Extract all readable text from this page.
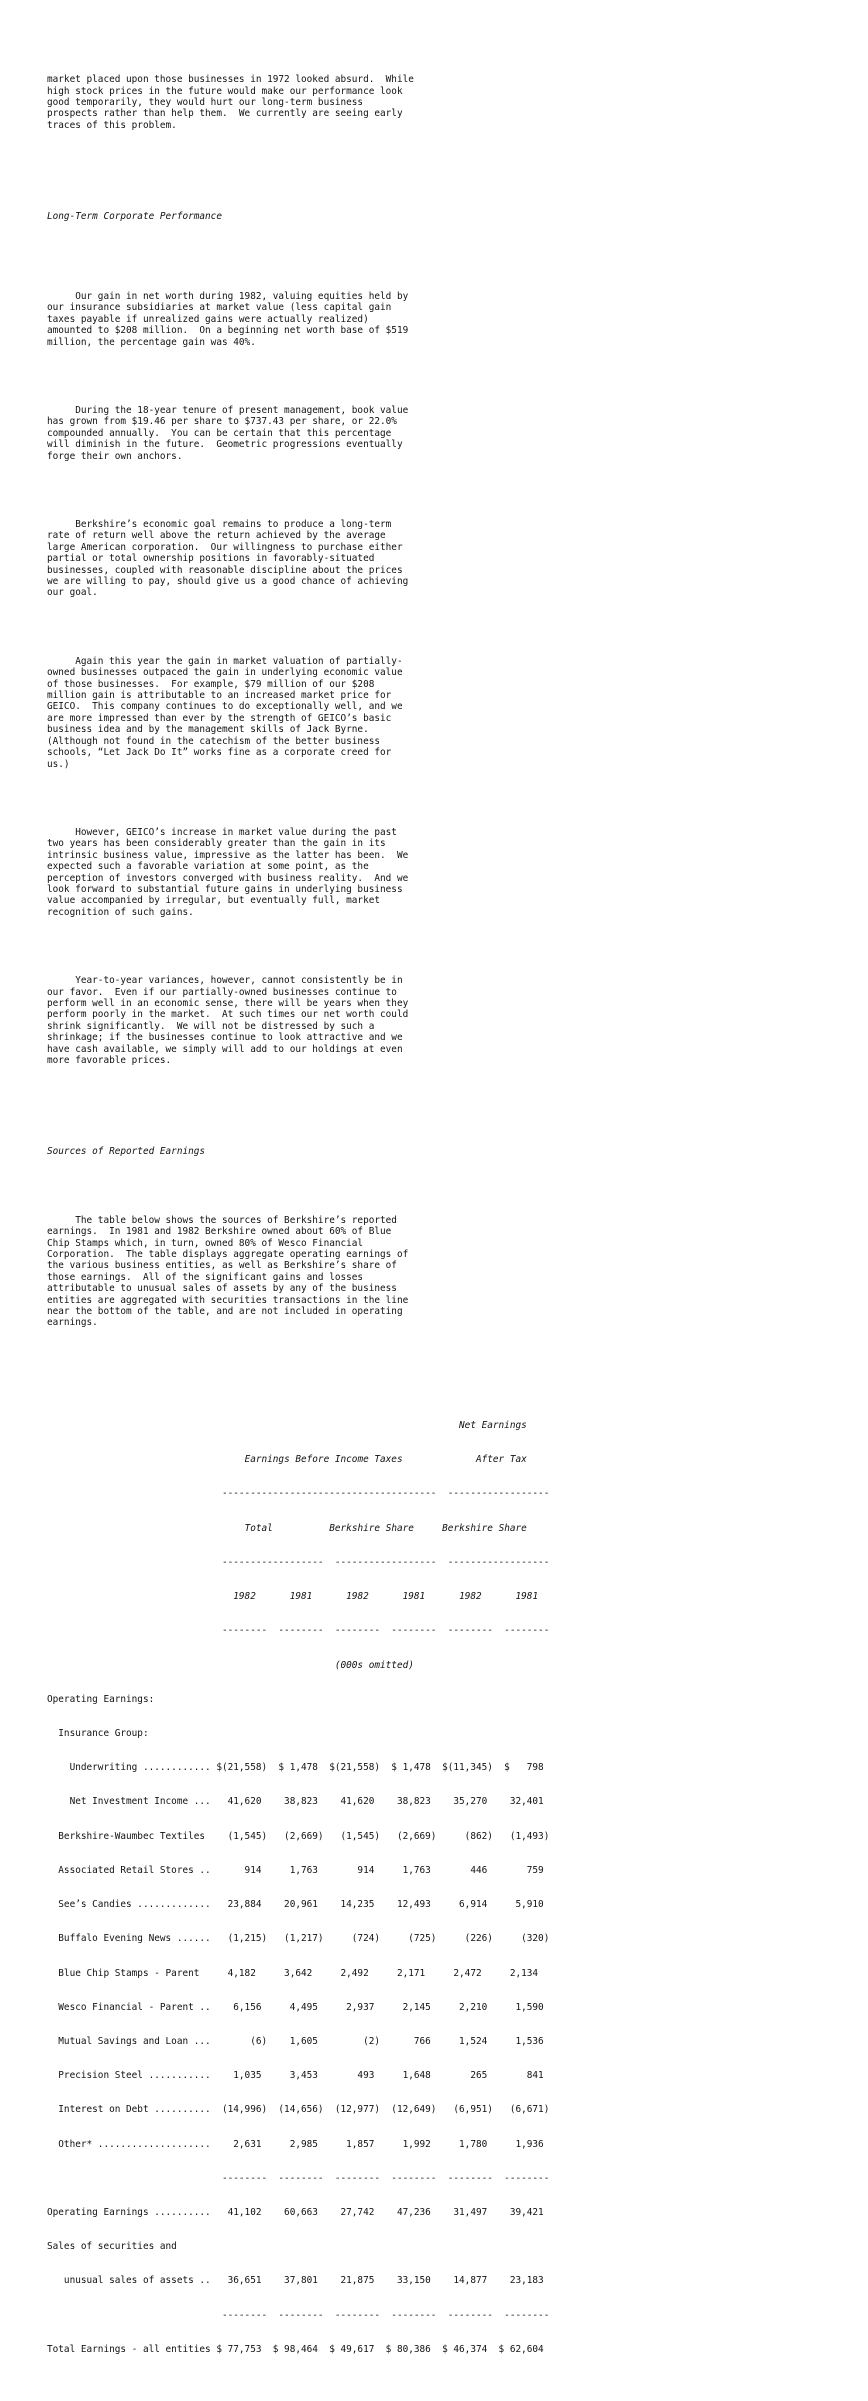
market placed upon those businesses in 1972 looked absurd.  While
high stock prices in the future would make our performance look
good temporarily, they would hurt our long-term business
prospects rather than help them.  We currently are seeing early
traces of this problem.

Long-Term Corporate Performance

Our gain in net worth during 1982, valuing equities held by
our insurance subsidiaries at market value (less capital gain
taxes payable if unrealized gains were actually realized)
amounted to $208 million.  On a beginning net worth base of $519
million, the percentage gain was 40%.

During the 18-year tenure of present management, book value
has grown from $19.46 per share to $737.43 per share, or 22.0%
compounded annually.  You can be certain that this percentage
will diminish in the future.  Geometric progressions eventually
forge their own anchors.

Berkshire’s economic goal remains to produce a long-term
rate of return well above the return achieved by the average
large American corporation.  Our willingness to purchase either
partial or total ownership positions in favorably-situated
businesses, coupled with reasonable discipline about the prices
we are willing to pay, should give us a good chance of achieving
our goal.

Again this year the gain in market valuation of partially-
owned businesses outpaced the gain in underlying economic value
of those businesses.  For example, $79 million of our $208
million gain is attributable to an increased market price for
GEICO.  This company continues to do exceptionally well, and we
are more impressed than ever by the strength of GEICO’s basic
business idea and by the management skills of Jack Byrne.
(Although not found in the catechism of the better business
schools, “Let Jack Do It” works fine as a corporate creed for
us.)

However, GEICO’s increase in market value during the past
two years has been considerably greater than the gain in its
intrinsic business value, impressive as the latter has been.  We
expected such a favorable variation at some point, as the
perception of investors converged with business reality.  And we
look forward to substantial future gains in underlying business
value accompanied by irregular, but eventually full, market
recognition of such gains.

Year-to-year variances, however, cannot consistently be in
our favor.  Even if our partially-owned businesses continue to
perform well in an economic sense, there will be years when they
perform poorly in the market.  At such times our net worth could
shrink significantly.  We will not be distressed by such a
shrinkage; if the businesses continue to look attractive and we
have cash available, we simply will add to our holdings at even
more favorable prices.

Sources of Reported Earnings

The table below shows the sources of Berkshire’s reported
earnings.  In 1981 and 1982 Berkshire owned about 60% of Blue
Chip Stamps which, in turn, owned 80% of Wesco Financial
Corporation.  The table displays aggregate operating earnings of
the various business entities, as well as Berkshire’s share of
those earnings.  All of the significant gains and losses
attributable to unusual sales of assets by any of the business
entities are aggregated with securities transactions in the line
near the bottom of the table, and are not included in operating
earnings.

Net Earnings

Earnings Before Income Taxes	After Tax

--------------------------------------  ------------------

Total	Berkshire Share	Berkshire Share

------------------  ------------------  ------------------

1982      1981	1982      1981	1982      1981

--------  --------  --------  --------  --------  --------

(000s omitted)

Operating Earnings:

Insurance Group:

Underwriting ............ $(21,558)  $ 1,478  $(21,558)  $ 1,478  $(11,345)  $   798

Net Investment Income ...   41,620    38,823    41,620    38,823    35,270    32,401

Berkshire-Waumbec Textiles    (1,545)   (2,669)   (1,545)   (2,669)     (862)   (1,493)

Associated Retail Stores ..      914     1,763       914     1,763       446       759

See’s Candies .............   23,884    20,961    14,235    12,493     6,914     5,910

Buffalo Evening News ......   (1,215)   (1,217)     (724)     (725)     (226)     (320)

Blue Chip Stamps - Parent     4,182     3,642     2,492     2,171     2,472     2,134

Wesco Financial - Parent ..    6,156     4,495     2,937     2,145     2,210     1,590

Mutual Savings and Loan ...       (6)    1,605        (2)      766     1,524     1,536

Precision Steel ...........    1,035     3,453       493     1,648       265       841

Interest on Debt ..........  (14,996)  (14,656)  (12,977)  (12,649)   (6,951)   (6,671)

Other* ....................    2,631     2,985     1,857     1,992     1,780     1,936

--------  --------  --------  --------  --------  --------

Operating Earnings ..........   41,102    60,663    27,742    47,236    31,497    39,421

Sales of securities and

unusual sales of assets ..   36,651    37,801    21,875    33,150    14,877    23,183

--------  --------  --------  --------  --------  --------

Total Earnings - all entities $ 77,753  $ 98,464  $ 49,617  $ 80,386  $ 46,374  $ 62,604
